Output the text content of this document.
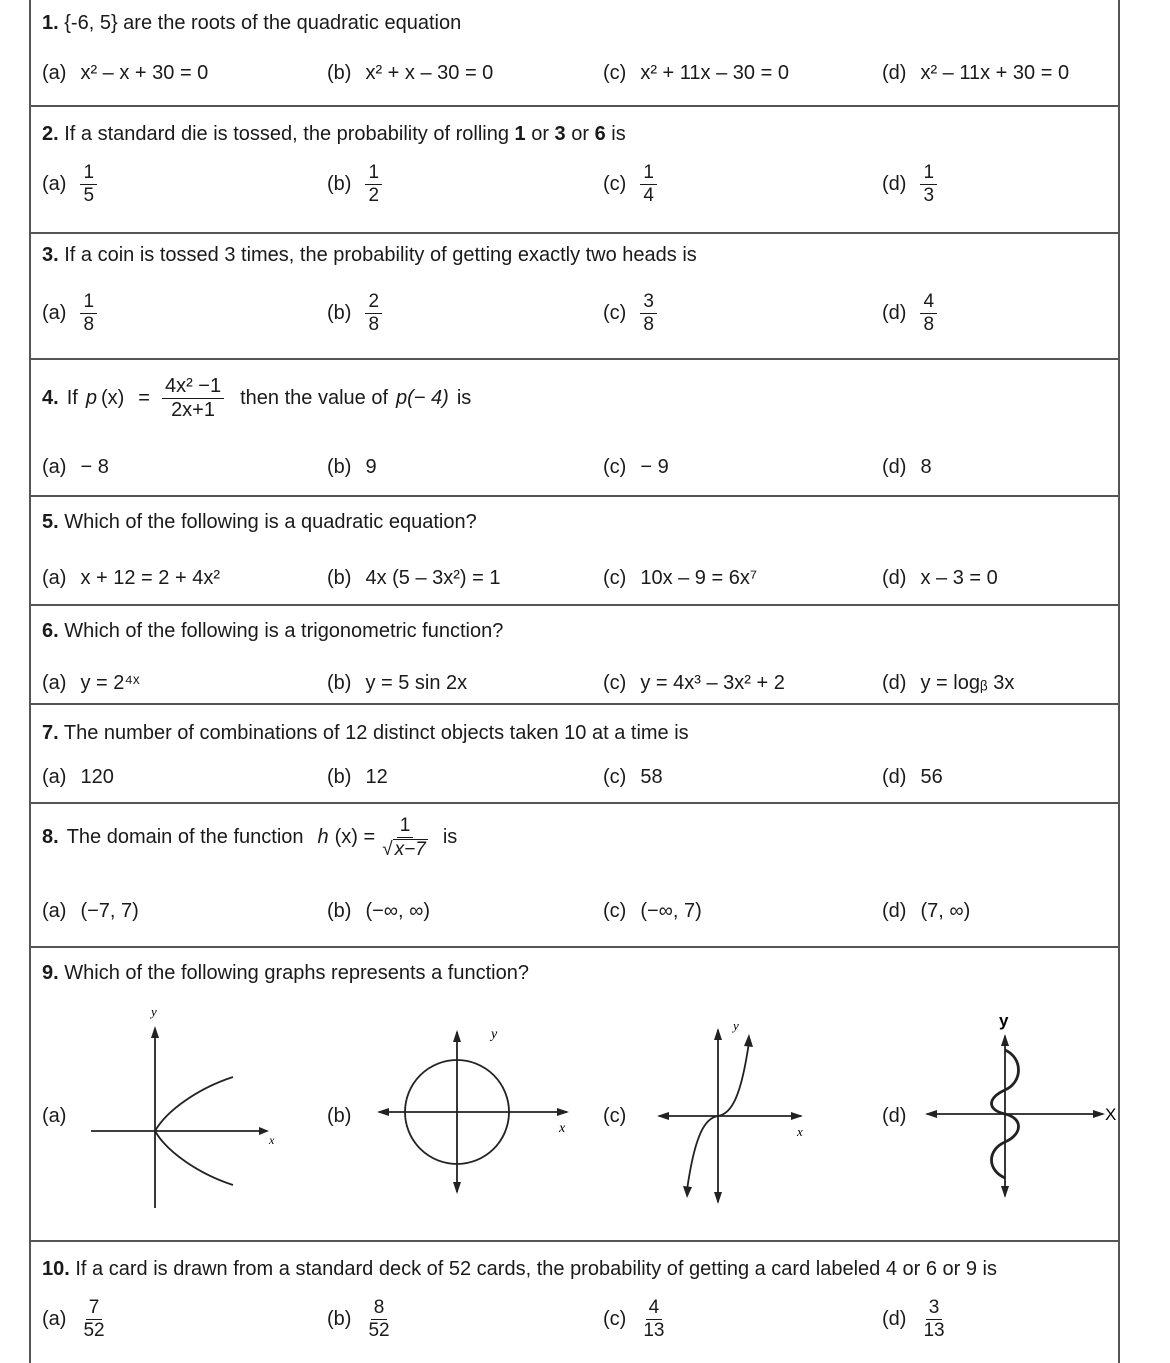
1. {-6, 5} are the roots of the quadratic equation
(a) x² – x + 30 = 0	(b) x² + x – 30 = 0	(c) x² + 11x – 30 = 0	(d) x² – 11x + 30 = 0
2. If a standard die is tossed, the probability of rolling 1 or 3 or 6 is
$(a) \frac{1}{5}$	$(b) \frac{1}{2}$	$(c) \frac{1}{4}$	$(d) \frac{1}{3}$
3. If a coin is tossed 3 times, the probability of getting exactly two heads is
$(a) \frac{1}{8}$	$(b) \frac{2}{8}$	$(c) \frac{3}{8}$	$(d) \frac{4}{8}$
4. If p $(x) = \frac{\text{4x² −1}}{2x+1}$ then the value of p(− 4) is
(a) − 8	(b) 9	(c) − 9	(d) 8
5. Which of the following is a quadratic equation?
(a) x + 12 = 2 + 4x²	(b) 4x (5 – 3x²) = 1	(c) 10x – 9 = 6x⁷	(d) x – 3 = 0
6. Which of the following is a trigonometric function?
(a) y = 2⁴ˣ	(b) y = 5 sin 2x	(c) y = 4x³ – 3x² + 2	(d) y = logᵦ 3x
7. The number of combinations of 12 distinct objects taken 10 at a time is
(a) 120	(b) 12	(c) 58	(d) 56
8. The domain of the function h $(x) = \frac{1}{√ x-7}$ is
(a) (−7, 7)	(b) (−∞, ∞)	(c) (−∞, 7)	(d) (7, ∞)
9. Which of the following graphs represents a function?
(a)
y
x
(b)
y
x
(c)
y
x
(d)
y
X
10. If a card is drawn from a standard deck of 52 cards, the probability of getting a card labeled 4 or 6 or 9 is
$(a) \frac{7}{52}$	$(b) \frac{8}{52}$	$(c) \frac{4}{13}$	$(d) \frac{3}{13}$
